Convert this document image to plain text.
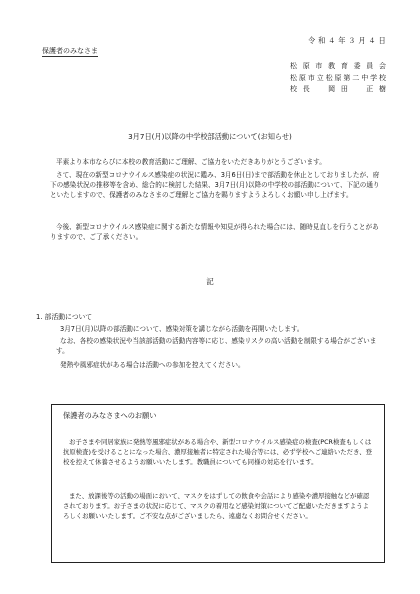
令 和 ４ 年 ３ 月 ４ 日
保護者のみなさま
松原市教育委員会
松原市立松原第二中学校
校長　岡田　正樹
3月7日(月)以降の中学校部活動について(お知らせ)
平素より本市ならびに本校の教育活動にご理解、ご協力をいただきありがとうございます。
さて、現在の新型コロナウイルス感染症の状況に鑑み、3月6日(日)まで部活動を休止としておりましたが、府下の感染状況の推移等を含め、総合的に検討した結果、3月7日(月)以降の中学校の部活動について、下記の通りといたしますので、保護者のみなさまのご理解とご協力を賜りますようよろしくお願い申し上げます。
今後、新型コロナウイルス感染症に関する新たな情報や知見が得られた場合には、随時見直しを行うことがありますので、ご了承ください。
記
1. 部活動について
3月7日(月)以降の部活動について、感染対策を講じながら活動を再開いたします。
なお、各校の感染状況や当該部活動の活動内容等に応じ、感染リスクの高い活動を制限する場合がございます。
発熱や風邪症状がある場合は活動への参加を控えてください。
保護者のみなさまへのお願い
お子さまや同居家族に発熱等風邪症状がある場合や、新型コロナウイルス感染症の検査(PCR検査もしくは抗原検査)を受けることになった場合、濃厚接触者に特定された場合等には、必ず学校へご連絡いただき、登校を控えて休養させるようお願いいたします。教職員についても同様の対応を行います。
また、放課後等の活動の場面において、マスクをはずしての飲食や会話により感染や濃厚接触などが確認されております。お子さまの状況に応じて、マスクの着用など感染対策についてご配慮いただきますようよろしくお願いいたします。ご不安な点がございましたら、遠慮なくお問合せください。
